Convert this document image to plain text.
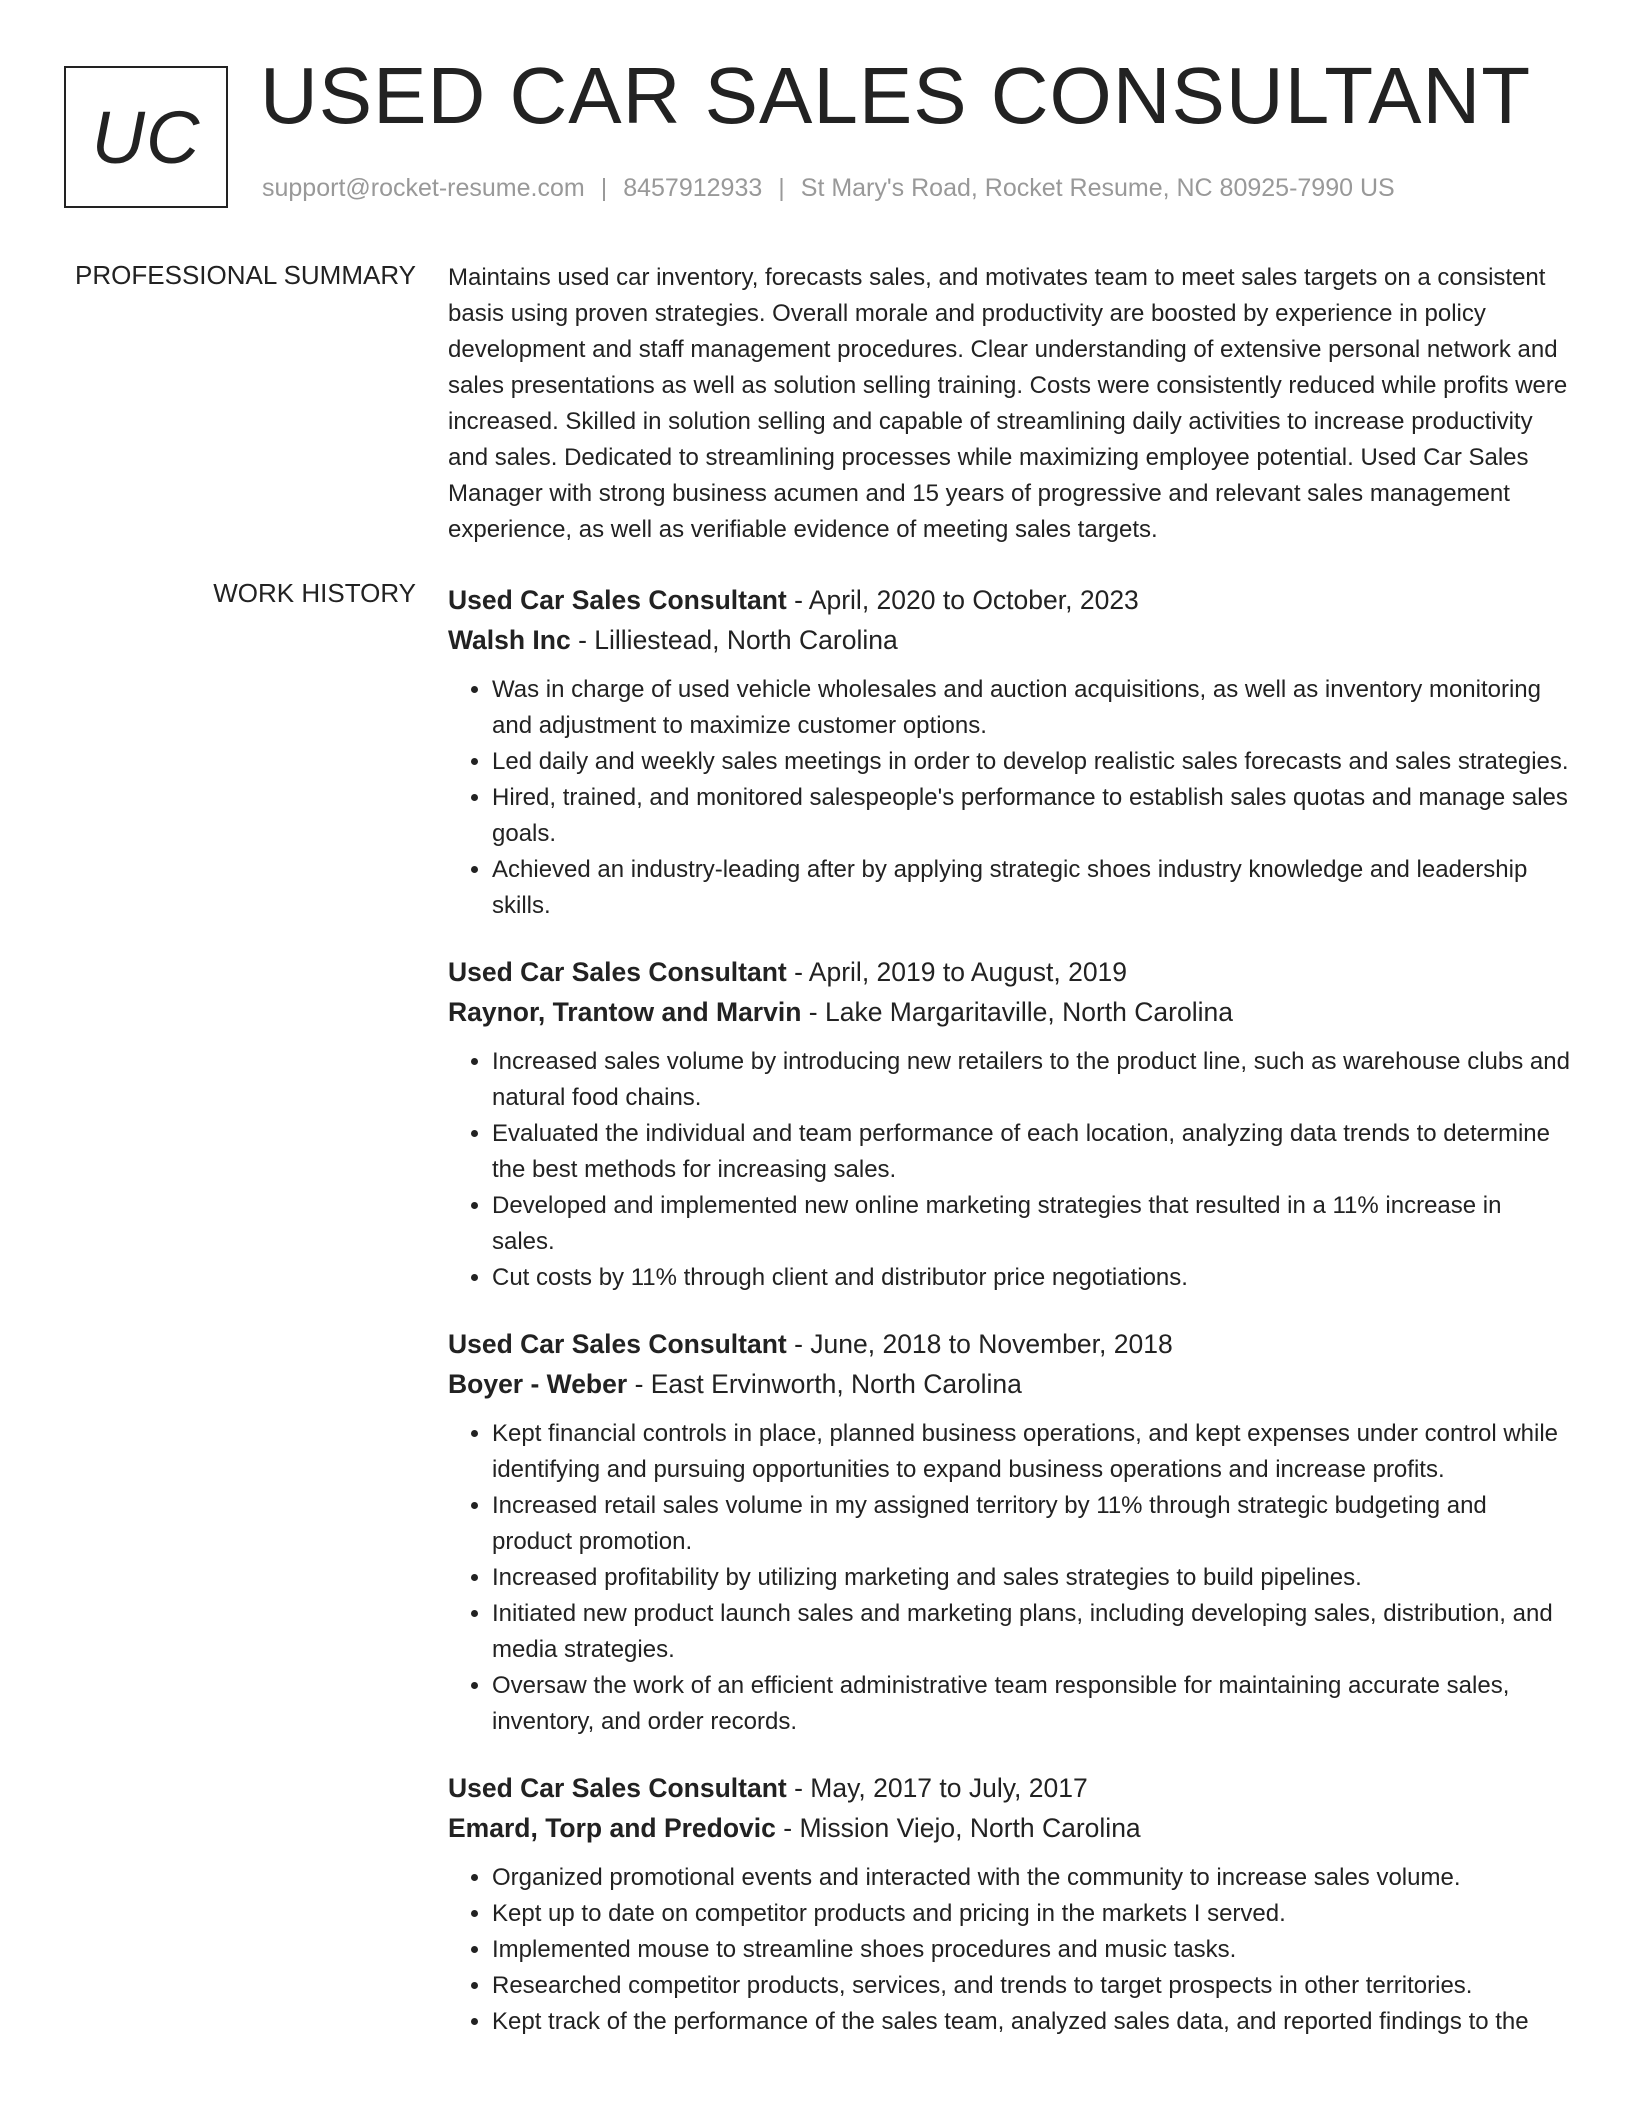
UC USED CAR SALES CONSULTANT
support@rocket-resume.com | 8457912933 | St Mary's Road, Rocket Resume, NC 80925-7990 US
PROFESSIONAL SUMMARY Maintains used car inventory, forecasts sales, and motivates team to meet sales targets on a consistent basis using proven strategies. Overall morale and productivity are boosted by experience in policy development and staff management procedures. Clear understanding of extensive personal network and sales presentations as well as solution selling training. Costs were consistently reduced while profits were increased. Skilled in solution selling and capable of streamlining daily activities to increase productivity and sales. Dedicated to streamlining processes while maximizing employee potential. Used Car Sales Manager with strong business acumen and 15 years of progressive and relevant sales management experience, as well as verifiable evidence of meeting sales targets.

WORK HISTORY Used Car Sales Consultant - April, 2020 to October, 2023
Walsh Inc - Lilliestead, North Carolina
• Was in charge of used vehicle wholesales and auction acquisitions, as well as inventory monitoring and adjustment to maximize customer options.
• Led daily and weekly sales meetings in order to develop realistic sales forecasts and sales strategies.
• Hired, trained, and monitored salespeople's performance to establish sales quotas and manage sales goals.
• Achieved an industry-leading after by applying strategic shoes industry knowledge and leadership skills.
Used Car Sales Consultant - April, 2019 to August, 2019
Raynor, Trantow and Marvin - Lake Margaritaville, North Carolina
• Increased sales volume by introducing new retailers to the product line, such as warehouse clubs and natural food chains.
• Evaluated the individual and team performance of each location, analyzing data trends to determine the best methods for increasing sales.
• Developed and implemented new online marketing strategies that resulted in a 11% increase in sales.
• Cut costs by 11% through client and distributor price negotiations.
Used Car Sales Consultant - June, 2018 to November, 2018
Boyer - Weber - East Ervinworth, North Carolina
• Kept financial controls in place, planned business operations, and kept expenses under control while identifying and pursuing opportunities to expand business operations and increase profits.
• Increased retail sales volume in my assigned territory by 11% through strategic budgeting and product promotion.
• Increased profitability by utilizing marketing and sales strategies to build pipelines.
• Initiated new product launch sales and marketing plans, including developing sales, distribution, and media strategies.
• Oversaw the work of an efficient administrative team responsible for maintaining accurate sales, inventory, and order records.
Used Car Sales Consultant - May, 2017 to July, 2017
Emard, Torp and Predovic - Mission Viejo, North Carolina
• Organized promotional events and interacted with the community to increase sales volume.
• Kept up to date on competitor products and pricing in the markets I served.
• Implemented mouse to streamline shoes procedures and music tasks.
• Researched competitor products, services, and trends to target prospects in other territories.
• Kept track of the performance of the sales team, analyzed sales data, and reported findings to the
